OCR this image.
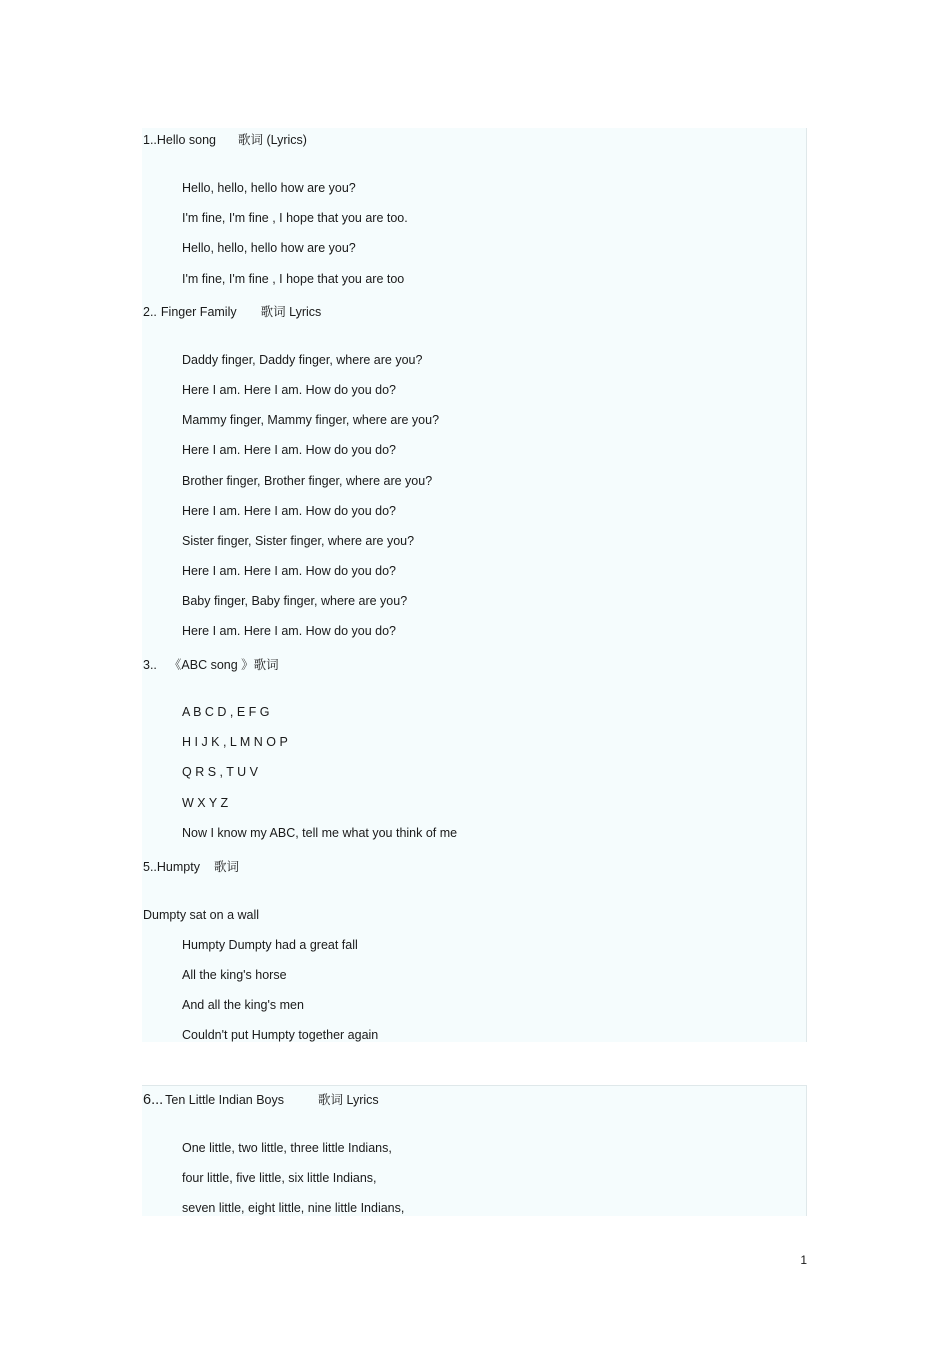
1..Hello song 歌词 (Lyrics)
Hello, hello, hello how are you?
I'm fine, I'm fine , I hope that you are too.
Hello, hello, hello how are you?
I'm fine, I'm fine , I hope that you are too
2.. Finger Family 歌词 Lyrics
Daddy finger, Daddy finger, where are you?
Here I am. Here I am. How do you do?
Mammy finger, Mammy finger, where are you?
Here I am. Here I am. How do you do?
Brother finger, Brother finger, where are you?
Here I am. Here I am. How do you do?
Sister finger, Sister finger, where are you?
Here I am. Here I am. How do you do?
Baby finger, Baby finger, where are you?
Here I am. Here I am. How do you do?
3.. 《ABC song 》歌词
A B C D , E F G
H I J K , L M N O P
Q R S , T U V
W X Y Z
Now I know my ABC, tell me what you think of me
5..Humpty 歌词
Dumpty sat on a wall
Humpty Dumpty had a great fall
All the king's horse
And all the king's men
Couldn't put Humpty together again
6... Ten Little Indian Boys	歌词 Lyrics
One little, two little, three little Indians,
four little, five little, six little Indians,
seven little, eight little, nine little Indians,
1
